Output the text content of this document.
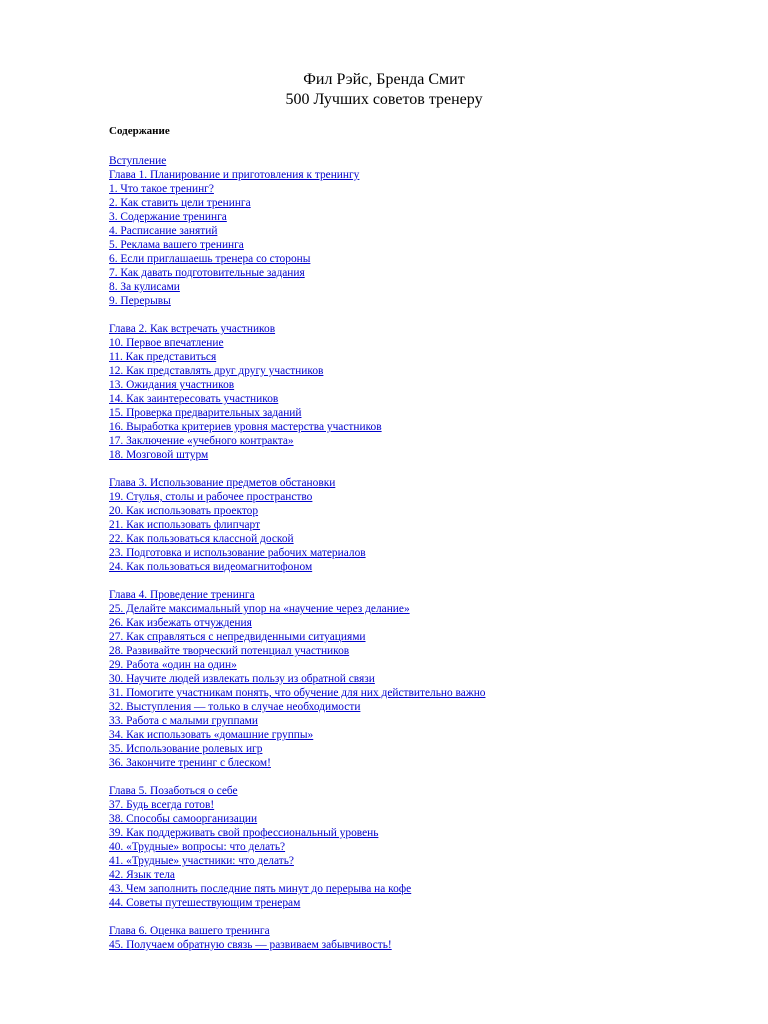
Фил Рэйс, Бренда Смит

500 Лучших советов тренеру

Содержание
Вступление
Глава 1. Планирование и приготовления к тренингу
1. Что такое тренинг?
2. Как ставить цели тренинга
3. Содержание тренинга
4. Расписание занятий
5. Реклама вашего тренинга
6. Если приглашаешь тренера со стороны
7. Как давать подготовительные задания
8. За кулисами
9. Перерывы
Глава 2. Как встречать участников
10. Первое впечатление
11. Как представиться
12. Как представлять друг другу участников
13. Ожидания участников
14. Как заинтересовать участников
15. Проверка предварительных заданий
16. Выработка критериев уровня мастерства участников
17. Заключение «учебного контракта»
18. Мозговой штурм
Глава 3. Использование предметов обстановки
19. Стулья, столы и рабочее пространство
20. Как использовать проектор
21. Как использовать флипчарт
22. Как пользоваться классной доской
23. Подготовка и использование рабочих материалов
24. Как пользоваться видеомагнитофоном
Глава 4. Проведение тренинга
25. Делайте максимальный упор на «научение через делание»
26. Как избежать отчуждения
27. Как справляться с непредвиденными ситуациями
28. Развивайте творческий потенциал участников
29. Работа «один на один»
30. Научите людей извлекать пользу из обратной связи
31. Помогите участникам понять, что обучение для них действительно важно
32. Выступления — только в случае необходимости
33. Работа с малыми группами
34. Как использовать «домашние группы»
35. Использование ролевых игр
36. Закончите тренинг с блеском!
Глава 5. Позаботься о себе
37. Будь всегда готов!
38. Способы самоорганизации
39. Как поддерживать свой профессиональный уровень
40. «Трудные» вопросы: что делать?
41. «Трудные» участники: что делать?
42. Язык тела
43. Чем заполнить последние пять минут до перерыва на кофе
44. Советы путешествующим тренерам
Глава 6. Оценка вашего тренинга
45. Получаем обратную связь — развиваем забывчивость!
